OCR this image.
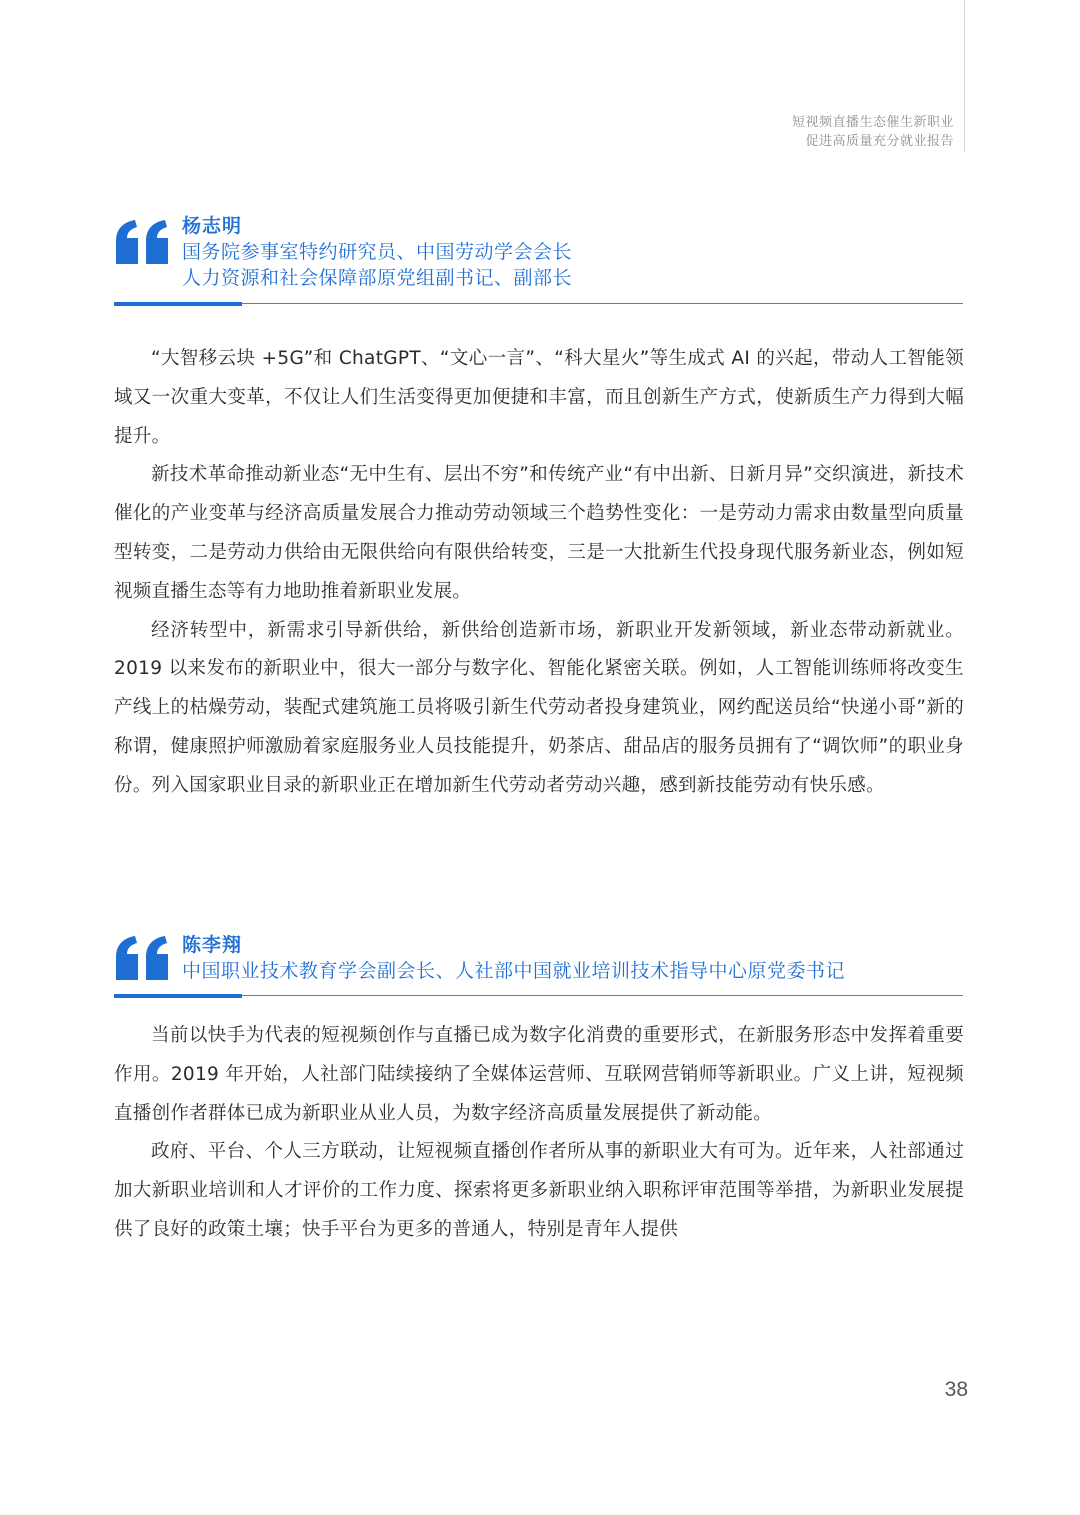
短视频直播生态催生新职业
促进高质量充分就业报告
杨志明
国务院参事室特约研究员、中国劳动学会会长
人力资源和社会保障部原党组副书记、副部长

“大智移云块 +5G”和 ChatGPT、“文心一言”、“科大星火”等生成式 AI 的兴起，带动人工智能领域又一次重大变革，不仅让人们生活变得更加便捷和丰富，而且创新生产方式，使新质生产力得到大幅提升。

新技术革命推动新业态“无中生有、层出不穷”和传统产业“有中出新、日新月异”交织演进，新技术催化的产业变革与经济高质量发展合力推动劳动领域三个趋势性变化：一是劳动力需求由数量型向质量型转变，二是劳动力供给由无限供给向有限供给转变，三是一大批新生代投身现代服务新业态，例如短视频直播生态等有力地助推着新职业发展。

经济转型中，新需求引导新供给，新供给创造新市场，新职业开发新领域，新业态带动新就业。2019 以来发布的新职业中，很大一部分与数字化、智能化紧密关联。例如，人工智能训练师将改变生产线上的枯燥劳动，装配式建筑施工员将吸引新生代劳动者投身建筑业，网约配送员给“快递小哥”新的称谓，健康照护师激励着家庭服务业人员技能提升，奶茶店、甜品店的服务员拥有了“调饮师”的职业身份。列入国家职业目录的新职业正在增加新生代劳动者劳动兴趣，感到新技能劳动有快乐感。

陈李翔
中国职业技术教育学会副会长、人社部中国就业培训技术指导中心原党委书记

当前以快手为代表的短视频创作与直播已成为数字化消费的重要形式，在新服务形态中发挥着重要作用。2019 年开始，人社部门陆续接纳了全媒体运营师、互联网营销师等新职业。广义上讲，短视频直播创作者群体已成为新职业从业人员，为数字经济高质量发展提供了新动能。

政府、平台、个人三方联动，让短视频直播创作者所从事的新职业大有可为。近年来，人社部通过加大新职业培训和人才评价的工作力度、探索将更多新职业纳入职称评审范围等举措，为新职业发展提供了良好的政策土壤；快手平台为更多的普通人，特别是青年人提供

38
